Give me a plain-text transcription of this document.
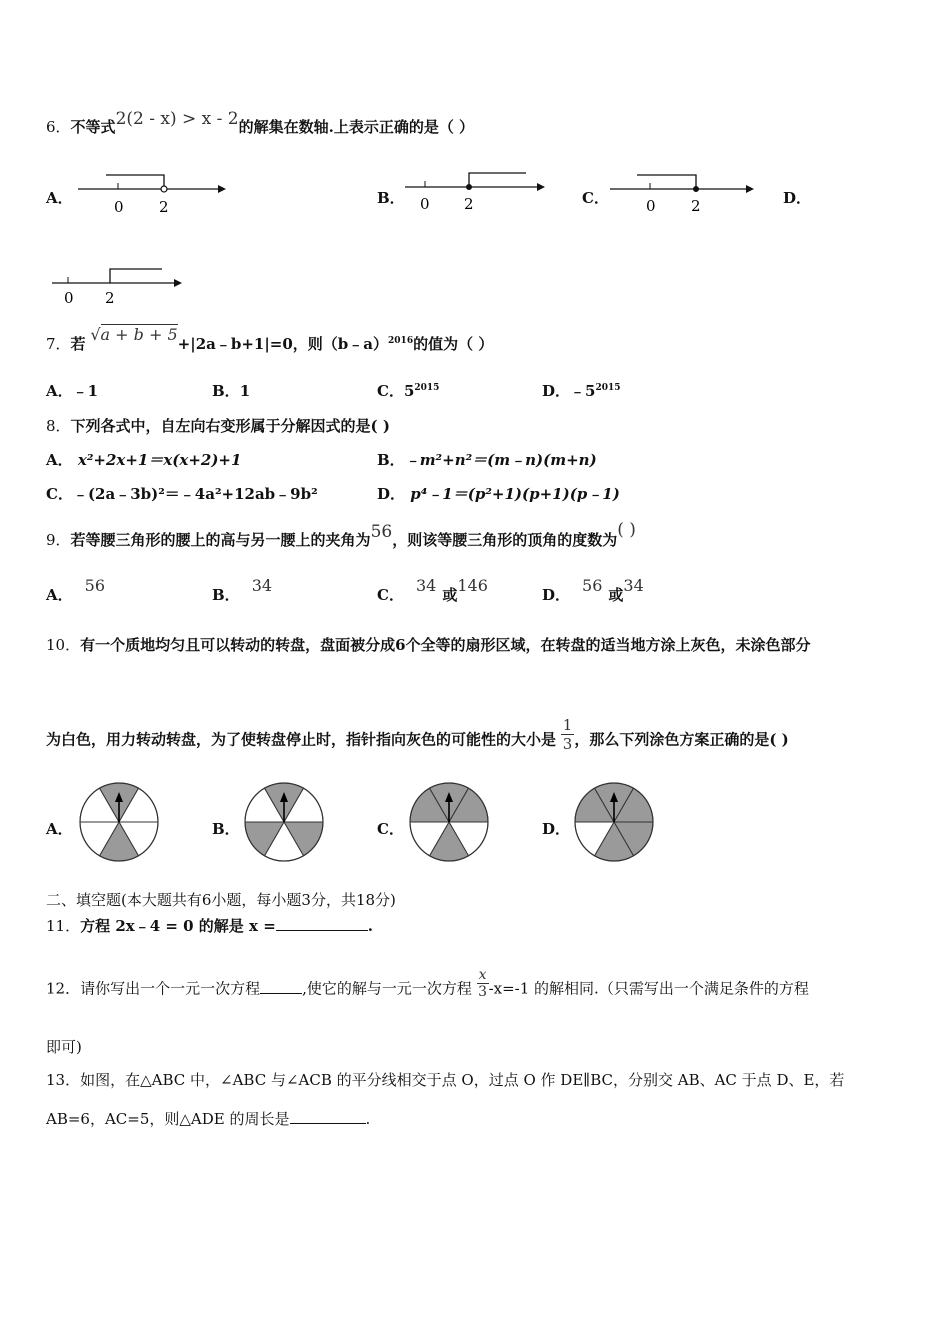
6．不等式2(2 - x) > x - 2的解集在数轴.上表示正确的是（ ）
A．	B．	C．	D．
0 2	0 2	0 2
0 2
7．若 √a + b + 5+|2a﹣b+1|=0，则（b﹣a）$^{2016}$的值为（ ）
A．﹣1	B．1	C．$5^{2015}$	D．$﹣5^{2015}$
8．下列各式中，自左向右变形属于分解因式的是( )
A． x²+2x+1＝x(x+2)+1	B．﹣m²+n²＝(m﹣n)(m+n)
C．﹣(2a﹣3b)²＝﹣4a²+12ab﹣9b²	D． p⁴﹣1＝(p²+1)(p+1)(p﹣1)
9．若等腰三角形的腰上的高与另一腰上的夹角为56，则该等腰三角形的顶角的度数为( )
A． 56	B． 34	C． 34 或146	D． 56 或34
10．有一个质地均匀且可以转动的转盘，盘面被分成6个全等的扇形区域，在转盘的适当地方涂上灰色，未涂色部分
为白色，用力转动转盘，为了使转盘停止时，指针指向灰色的可能性的大小是 $\frac{1}{3}$ ，那么下列涂色方案正确的是( )
A．	B．	C．	D．
二、填空题(本大题共有6小题，每小题3分，共18分)
11．方程 2x﹣4 = 0 的解是 x =	.
12．请你写出一个一元一次方程	,使它的解与一元一次方程 $\frac{x}{3} -x=-1$ 的解相同.（只需写出一个满足条件的方程
即可)
13．如图，在△ABC 中，∠ABC 与∠ACB 的平分线相交于点 O，过点 O 作 DE∥BC，分别交 AB、AC 于点 D、E，若
AB=6，AC=5，则△ADE 的周长是	.
